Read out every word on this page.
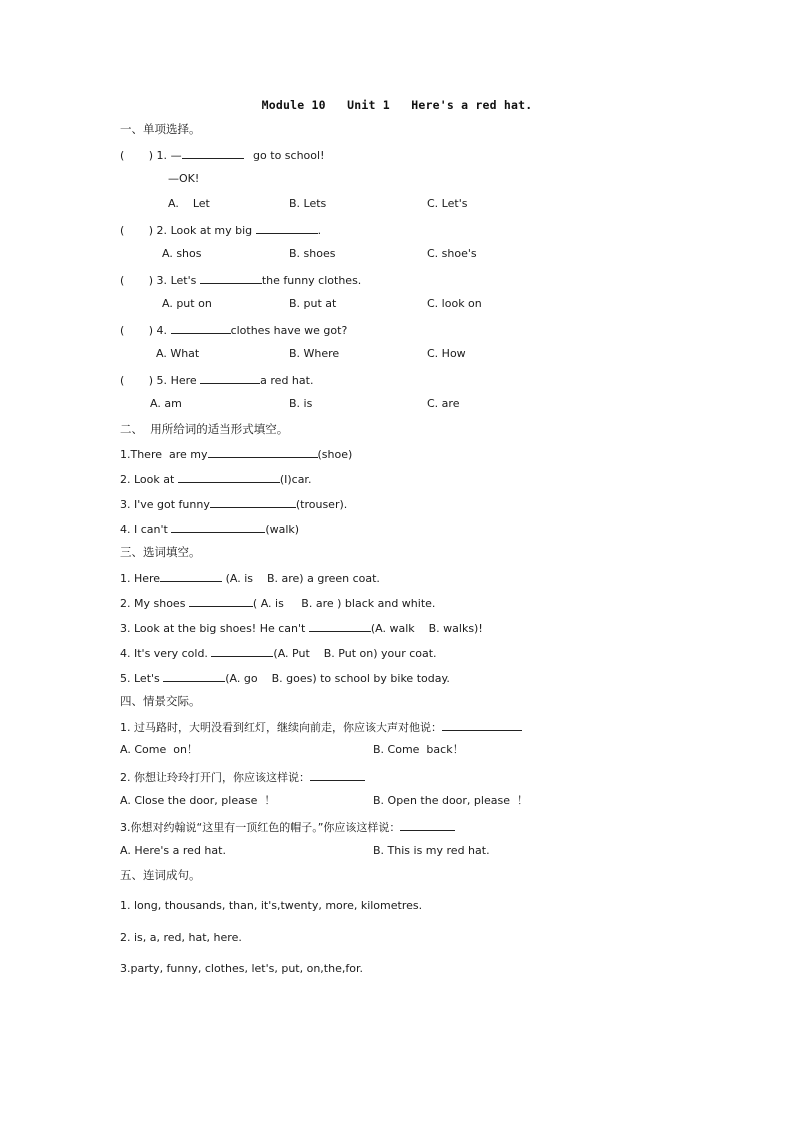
Module 10   Unit 1   Here's a red hat.
一、单项选择。
(       ) 1. —	go to school!
—OK!
A.    Let	B. Lets	C. Let's
(       ) 2. Look at my big	.
A. shos	B. shoes	C. shoe's
(       ) 3. Let's	the funny clothes.
A. put on	B. put at	C. look on
(       ) 4.	clothes have we got?
A. What	B. Where	C. How
(       ) 5. Here	a red hat.
A. am	B. is	C. are
二、  用所给词的适当形式填空。
1.There  are my	(shoe)
2. Look at	(I)car.
3. I've got funny	(trouser).
4. I can't	(walk)
三、选词填空。
1. Here	(A. is    B. are) a green coat.
2. My shoes	( A. is     B. are ) black and white.
3. Look at the big shoes! He can't	(A. walk    B. walks)!
4. It's very cold.	(A. Put    B. Put on) your coat.
5. Let's	(A. go    B. goes) to school by bike today.
四、情景交际。
1. 过马路时，大明没看到红灯，继续向前走，你应该大声对他说：
A. Come  on！	B. Come  back！
2. 你想让玲玲打开门，你应该这样说：
A. Close the door, please  ！	B. Open the door, please  ！
3.你想对约翰说“这里有一顶红色的帽子。”你应该这样说：
A. Here's a red hat.	B. This is my red hat.
五、连词成句。
1. long, thousands, than, it's,twenty, more, kilometres.
2. is, a, red, hat, here.
3.party, funny, clothes, let's, put, on,the,for.
